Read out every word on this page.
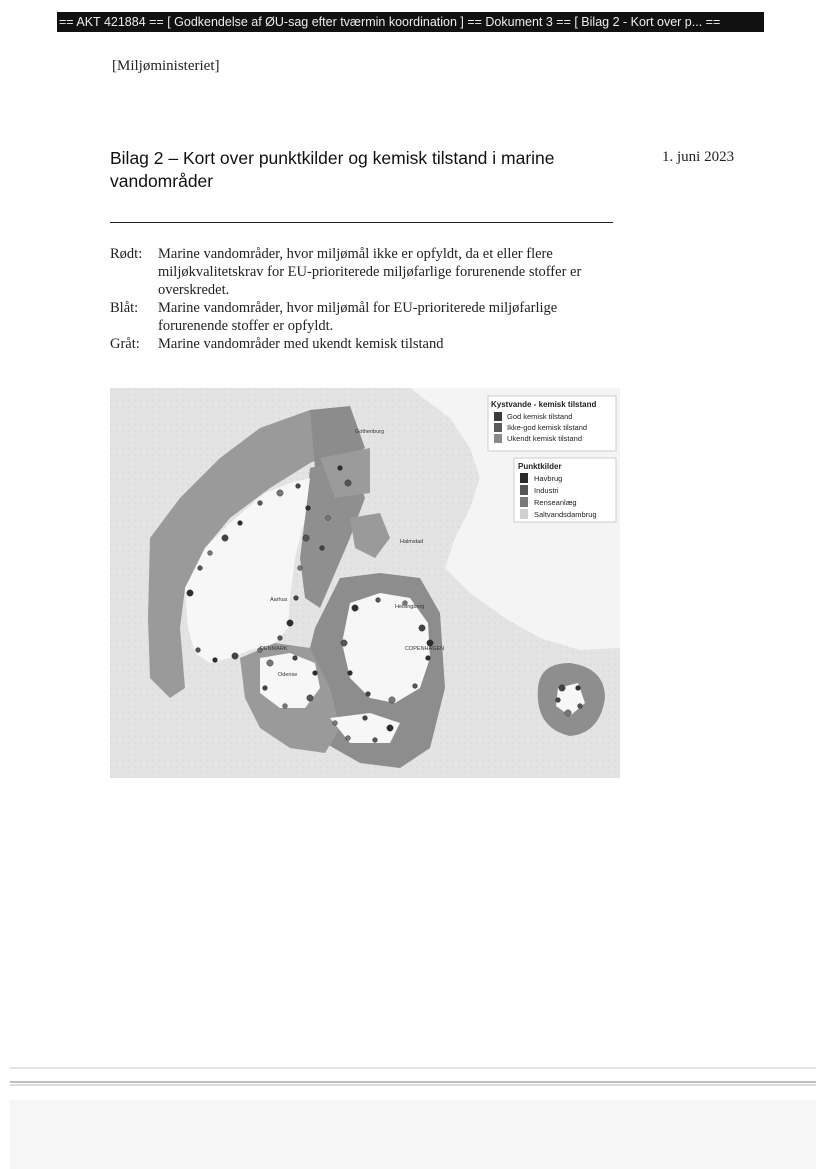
== AKT 421884 == [ Godkendelse af ØU-sag efter tværmin koordination ] == Dokument 3 == [ Bilag 2 - Kort over p... ==
[Miljøministeriet]
Bilag 2 – Kort over punktkilder og kemisk tilstand i marine vandområder
1. juni 2023
Rødt:	Marine vandområder, hvor miljømål ikke er opfyldt, da et eller flere miljøkvalitetskrav for EU-prioriterede miljøfarlige forurenende stoffer er overskredet.
Blåt:	Marine vandområder, hvor miljømål for EU-prioriterede miljøfarlige forurenende stoffer er opfyldt.
Gråt:	Marine vandområder med ukendt kemisk tilstand
Gothenburg
Halmstad
Aarhus
Helsingborg
Odense
DENMARK	COPENHAGEN
Kystvande - kemisk tilstand
God kemisk tilstand
Ikke-god kemisk tilstand
Ukendt kemisk tilstand
Punktkilder
Havbrug
Industri
Renseanlæg
Saltvandsdambrug
